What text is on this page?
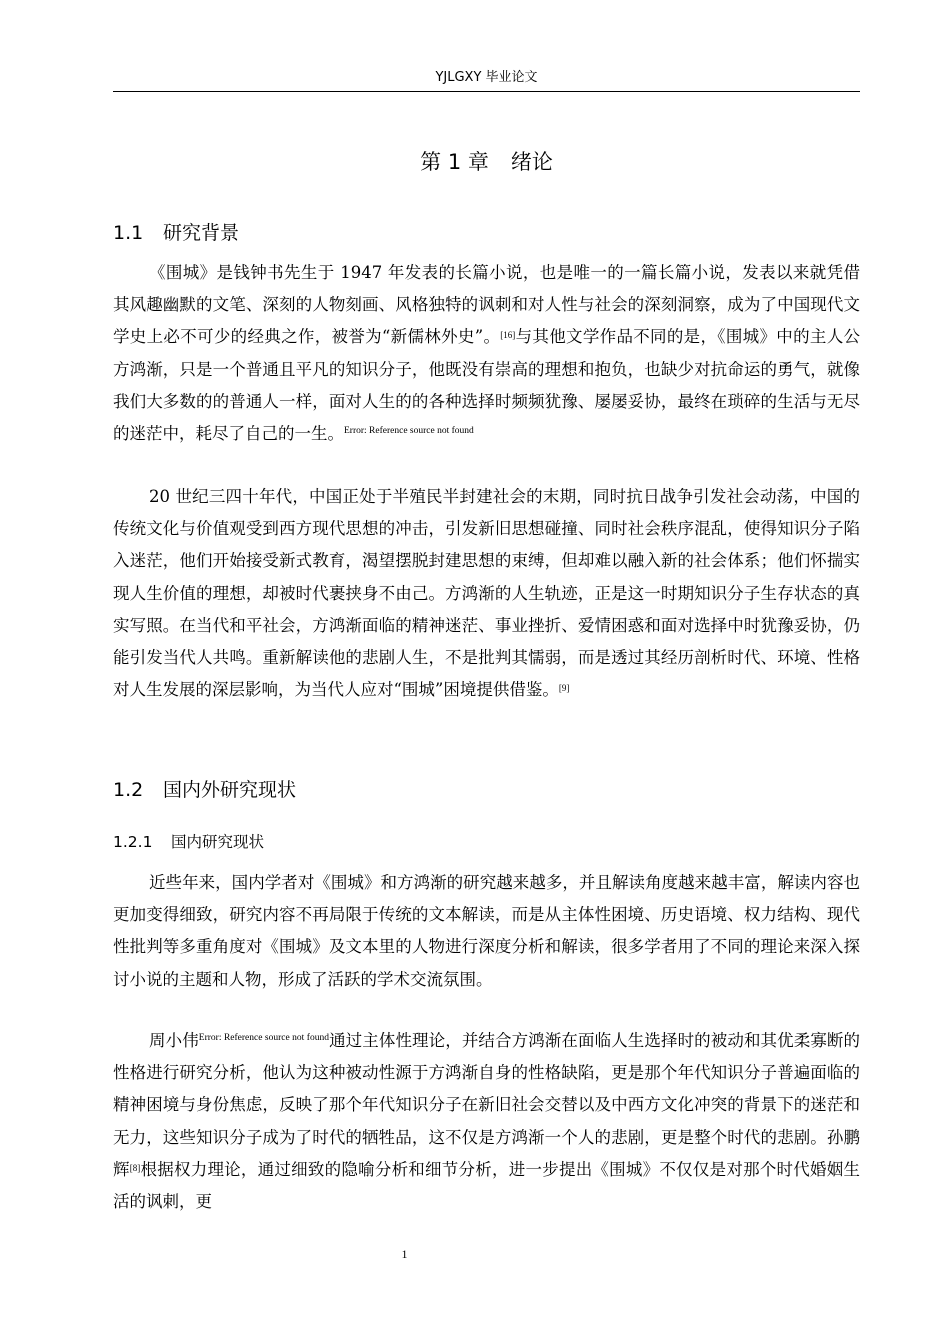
YJLGXY 毕业论文
第 1 章 绪论
1.1 研究背景

《围城》是钱钟书先生于 1947 年发表的长篇小说，也是唯一的一篇长篇小说，发表以来就凭借其风趣幽默的文笔、深刻的人物刻画、风格独特的讽刺和对人性与社会的深刻洞察，成为了中国现代文学史上必不可少的经典之作，被誉为“新儒林外史”。[16]与其他文学作品不同的是，《围城》中的主人公方鸿渐，只是一个普通且平凡的知识分子，他既没有崇高的理想和抱负，也缺少对抗命运的勇气，就像我们大多数的的普通人一样，面对人生的的各种选择时频频犹豫、屡屡妥协，最终在琐碎的生活与无尽的迷茫中，耗尽了自己的一生。$^{Error: Reference source not found}$

20 世纪三四十年代，中国正处于半殖民半封建社会的末期，同时抗日战争引发社会动荡，中国的传统文化与价值观受到西方现代思想的冲击，引发新旧思想碰撞、同时社会秩序混乱，使得知识分子陷入迷茫，他们开始接受新式教育，渴望摆脱封建思想的束缚，但却难以融入新的社会体系；他们怀揣实现人生价值的理想，却被时代裹挟身不由己。方鸿渐的人生轨迹，正是这一时期知识分子生存状态的真实写照。在当代和平社会，方鸿渐面临的精神迷茫、事业挫折、爱情困惑和面对选择中时犹豫妥协，仍能引发当代人共鸣。重新解读他的悲剧人生，不是批判其懦弱，而是透过其经历剖析时代、环境、性格对人生发展的深层影响，为当代人应对“围城”困境提供借鉴。[9]

1.2 国内外研究现状
1.2.1 国内研究现状

近些年来，国内学者对《围城》和方鸿渐的研究越来越多，并且解读角度越来越丰富，解读内容也更加变得细致，研究内容不再局限于传统的文本解读，而是从主体性困境、历史语境、权力结构、现代性批判等多重角度对《围城》及文本里的人物进行深度分析和解读，很多学者用了不同的理论来深入探讨小说的主题和人物，形成了活跃的学术交流氛围。

周小伟$^{Error: Reference source not found}$通过主体性理论，并结合方鸿渐在面临人生选择时的被动和其优柔寡断的性格进行研究分析，他认为这种被动性源于方鸿渐自身的性格缺陷，更是那个年代知识分子普遍面临的精神困境与身份焦虑，反映了那个年代知识分子在新旧社会交替以及中西方文化冲突的背景下的迷茫和无力，这些知识分子成为了时代的牺牲品，这不仅是方鸿渐一个人的悲剧，更是整个时代的悲剧。孙鹏辉[8]根据权力理论，通过细致的隐喻分析和细节分析，进一步提出《围城》不仅仅是对那个时代婚姻生活的讽刺，更

1
